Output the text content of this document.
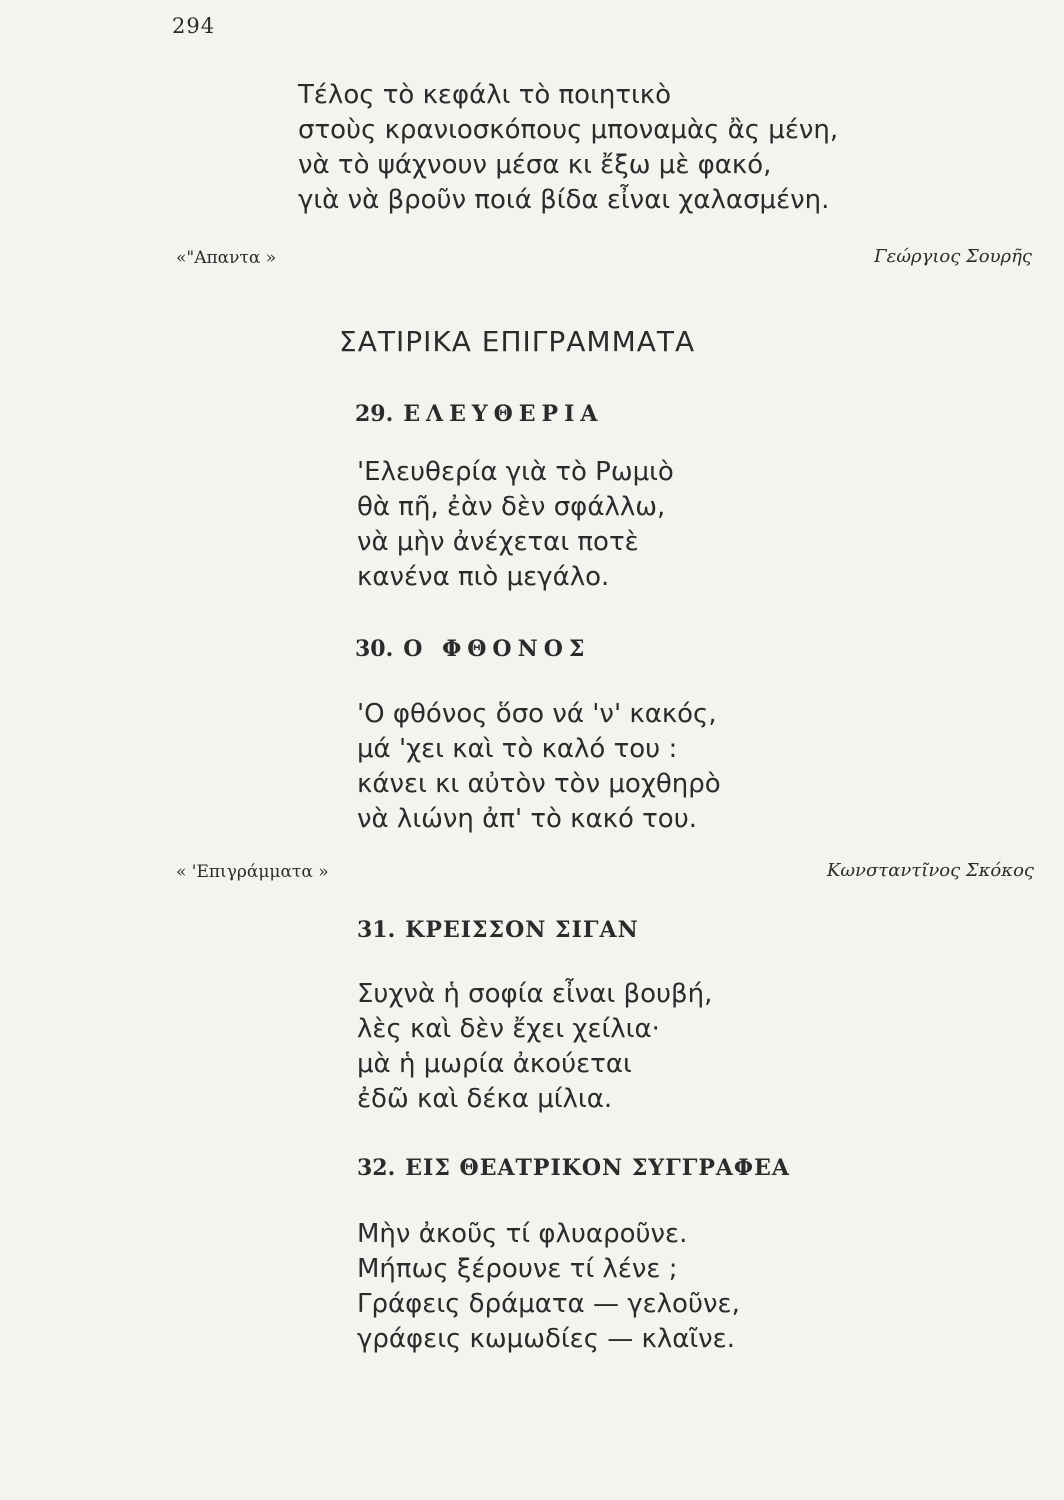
294
Τέλος τὸ κεφάλι τὸ ποιητικὸ
στοὺς κρανιοσκόπους μποναμὰς ἂς μένη,
νὰ τὸ ψάχνουν μέσα κι ἔξω μὲ φακό,
γιὰ νὰ βροῦν ποιά βίδα εἶναι χαλασμένη.
«"Απαντα »	Γεώργιος Σουρῆς
ΣΑΤΙΡΙΚΑ ΕΠΙΓΡΑΜΜΑΤΑ
29. ΕΛΕΥΘΕΡΙΑ
'Ελευθερία γιὰ τὸ Ρωμιὸ
θὰ πῆ, ἐὰν δὲν σφάλλω,
νὰ μὴν ἀνέχεται ποτὲ
κανένα πιὸ μεγάλο.
30. Ο ΦΘΟΝΟΣ
'Ο φθόνος ὅσο νά 'ν' κακός,
μά 'χει καὶ τὸ καλό του :
κάνει κι αὐτὸν τὸν μοχθηρὸ
νὰ λιώνη ἀπ' τὸ κακό του.
« 'Επιγράμματα »	Κωνσταντῖνος Σκόκος
31. ΚΡΕΙΣΣΟΝ ΣΙΓΑΝ
Συχνὰ ἡ σοφία εἶναι βουβή,
λὲς καὶ δὲν ἔχει χείλια·
μὰ ἡ μωρία ἀκούεται
ἐδῶ καὶ δέκα μίλια.
32. ΕΙΣ ΘΕΑΤΡΙΚΟΝ ΣΥΓΓΡΑΦΕΑ
Μὴν ἀκοῦς τί φλυαροῦνε.
Μήπως ξέρουνε τί λένε ;
Γράφεις δράματα — γελοῦνε,
γράφεις κωμωδίες — κλαῖνε.
